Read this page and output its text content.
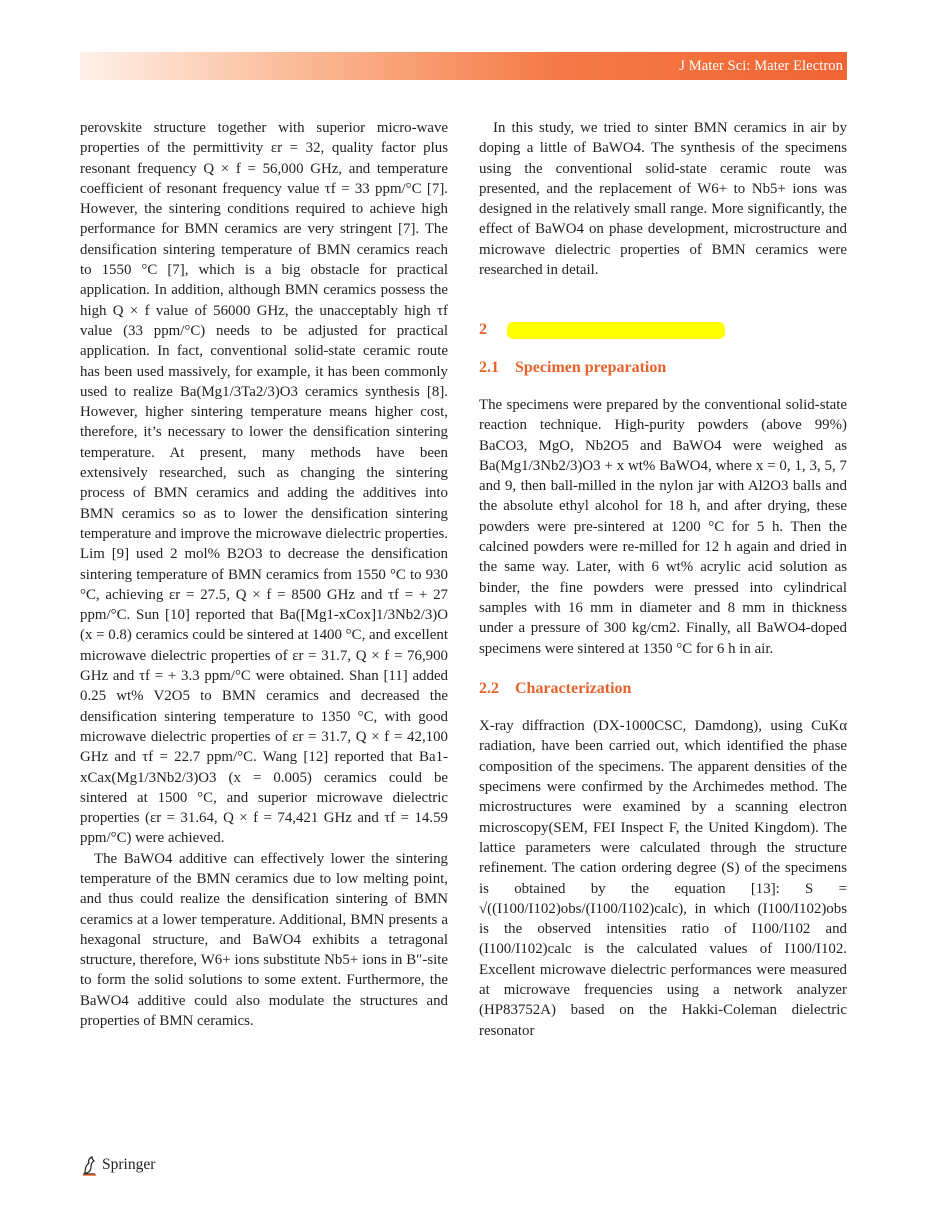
J Mater Sci: Mater Electron

perovskite structure together with superior micro-wave properties of the permittivity εr = 32, quality factor plus resonant frequency Q × f = 56,000 GHz, and temperature coefficient of resonant frequency value τf = 33 ppm/°C [7]. However, the sintering conditions required to achieve high performance for BMN ceramics are very stringent [7]. The densification sintering temperature of BMN ceramics reach to 1550 °C [7], which is a big obstacle for practical application. In addition, although BMN ceramics possess the high Q × f value of 56000 GHz, the unacceptably high τf value (33 ppm/°C) needs to be adjusted for practical application. In fact, conventional solid-state ceramic route has been used massively, for example, it has been commonly used to realize Ba(Mg1/3Ta2/3)O3 ceramics synthesis [8]. However, higher sintering temperature means higher cost, therefore, it’s necessary to lower the densification sintering temperature. At present, many methods have been extensively researched, such as changing the sintering process of BMN ceramics and adding the additives into BMN ceramics so as to lower the densification sintering temperature and improve the microwave dielectric properties. Lim [9] used 2 mol% B2O3 to decrease the densification sintering temperature of BMN ceramics from 1550 °C to 930 °C, achieving εr = 27.5, Q × f = 8500 GHz and τf = + 27 ppm/°C. Sun [10] reported that Ba([Mg1-xCox]1/3Nb2/3)O (x = 0.8) ceramics could be sintered at 1400 °C, and excellent microwave dielectric properties of εr = 31.7, Q × f = 76,900 GHz and τf = + 3.3 ppm/°C were obtained. Shan [11] added 0.25 wt% V2O5 to BMN ceramics and decreased the densification sintering temperature to 1350 °C, with good microwave dielectric properties of εr = 31.7, Q × f = 42,100 GHz and τf = 22.7 ppm/°C. Wang [12] reported that Ba1-xCax(Mg1/3Nb2/3)O3 (x = 0.005) ceramics could be sintered at 1500 °C, and superior microwave dielectric properties (εr = 31.64, Q × f = 74,421 GHz and τf = 14.59 ppm/°C) were achieved.

The BaWO4 additive can effectively lower the sintering temperature of the BMN ceramics due to low melting point, and thus could realize the densification sintering of BMN ceramics at a lower temperature. Additional, BMN presents a hexagonal structure, and BaWO4 exhibits a tetragonal structure, therefore, W6+ ions substitute Nb5+ ions in B″-site to form the solid solutions to some extent. Furthermore, the BaWO4 additive could also modulate the structures and properties of BMN ceramics.

In this study, we tried to sinter BMN ceramics in air by doping a little of BaWO4. The synthesis of the specimens using the conventional solid-state ceramic route was presented, and the replacement of W6+ to Nb5+ ions was designed in the relatively small range. More significantly, the effect of BaWO4 on phase development, microstructure and microwave dielectric properties of BMN ceramics were researched in detail.

2
2.1 Specimen preparation

The specimens were prepared by the conventional solid-state reaction technique. High-purity powders (above 99%) BaCO3, MgO, Nb2O5 and BaWO4 were weighed as Ba(Mg1/3Nb2/3)O3 + x wt% BaWO4, where x = 0, 1, 3, 5, 7 and 9, then ball-milled in the nylon jar with Al2O3 balls and the absolute ethyl alcohol for 18 h, and after drying, these powders were pre-sintered at 1200 °C for 5 h. Then the calcined powders were re-milled for 12 h again and dried in the same way. Later, with 6 wt% acrylic acid solution as binder, the fine powders were pressed into cylindrical samples with 16 mm in diameter and 8 mm in thickness under a pressure of 300 kg/cm2. Finally, all BaWO4-doped specimens were sintered at 1350 °C for 6 h in air.

2.2 Characterization

X-ray diffraction (DX-1000CSC, Damdong), using CuKα radiation, have been carried out, which identified the phase composition of the specimens. The apparent densities of the specimens were confirmed by the Archimedes method. The microstructures were examined by a scanning electron microscopy(SEM, FEI Inspect F, the United Kingdom). The lattice parameters were calculated through the structure refinement. The cation ordering degree (S) of the specimens is obtained by the equation [13]: S = √((I100/I102)obs/(I100/I102)calc), in which (I100/I102)obs is the observed intensities ratio of I100/I102 and (I100/I102)calc is the calculated values of I100/I102. Excellent microwave dielectric performances were measured at microwave frequencies using a network analyzer (HP83752A) based on the Hakki-Coleman dielectric resonator

Springer
